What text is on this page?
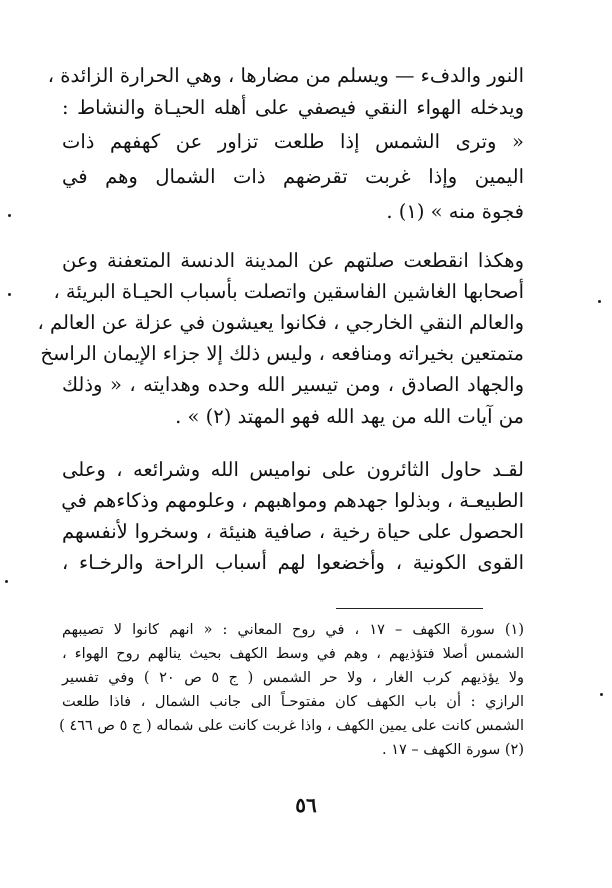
النور والدفء — ويسلم من مضارها ، وهي الحرارة الزائدة ،
ويدخله الهواء النقي فيصفي على أهله الحيـاة والنشاط :
« وترى الشمس إذا طلعت تزاور عن كهفهم ذات
اليمين وإذا غربت تقرضهم ذات الشمال وهم في
فجوة منه » (١) .
وهكذا انقطعت صلتهم عن المدينة الدنسة المتعفنة وعن
أصحابها الغاشين الفاسقين واتصلت بأسباب الحيـاة البريئة ،
والعالم النقي الخارجي ، فكانوا يعيشون في عزلة عن العالم ،
متمتعين بخيراته ومنافعه ، وليس ذلك إلا جزاء الإيمان الراسخ
والجهاد الصادق ، ومن تيسير الله وحده وهدايته ، « وذلك
من آيات الله من يهد الله فهو المهتد (٢) » .
لقـد حاول الثائرون على نواميس الله وشرائعه ، وعلى
الطبيعـة ، وبذلوا جهدهم ومواهبهم ، وعلومهم وذكاءهم في
الحصول على حياة رخية ، صافية هنيئة ، وسخروا لأنفسهم
القوى الكونية ، وأخضعوا لهم أسباب الراحة والرخـاء ،
(١) سورة الكهف – ١٧ ، في روح المعاني : « انهم كانوا لا تصيبهم
الشمس أصلا فتؤذيهم ، وهم في وسط الكهف بحيث ينالهم روح الهواء ،
ولا يؤذيهم كرب الغار ، ولا حر الشمس ( ج ٥ ص ٢٠ ) وفي تفسير
الرازي : أن باب الكهف كان مفتوحـاً الى جانب الشمال ، فاذا طلعت
الشمس كانت على يمين الكهف ، واذا غربت كانت على شماله ( ج ٥ ص ٤٦٦ )
(٢) سورة الكهف – ١٧ .
٥٦
